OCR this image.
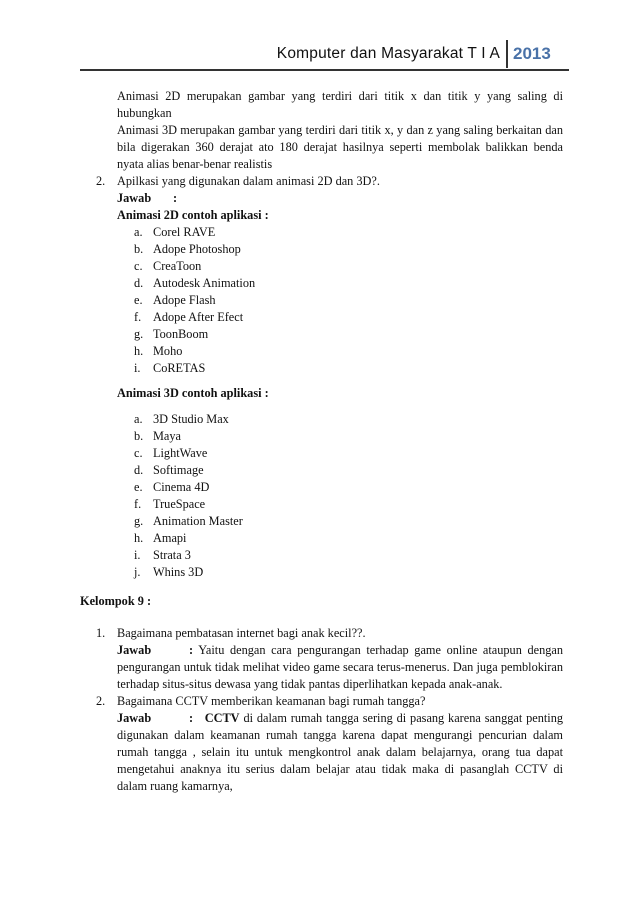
Komputer dan Masyarakat T I A 2013

Animasi 2D merupakan gambar yang terdiri dari titik x dan titik y yang saling di hubungkan

Animasi 3D merupakan gambar yang terdiri dari titik x, y dan z yang saling berkaitan dan bila digerakan 360 derajat ato 180 derajat hasilnya seperti membolak balikkan benda nyata alias benar-benar realistis

2. Apilkasi yang digunakan dalam animasi 2D dan 3D?.

Jawab :

Animasi 2D contoh aplikasi :

a. Corel RAVE
b. Adope Photoshop
c. CreaToon
d. Autodesk Animation
e. Adope Flash
f. Adope After Efect
g. ToonBoom
h. Moho
i. CoRETAS

Animasi 3D contoh aplikasi :

a. 3D Studio Max
b. Maya
c. LightWave
d. Softimage
e. Cinema 4D
f. TrueSpace
g. Animation Master
h. Amapi
i. Strata 3
j. Whins 3D

Kelompok 9 :

1. Bagaimana pembatasan internet bagi anak kecil??.

Jawab	: Yaitu dengan cara pengurangan terhadap game online ataupun dengan pengurangan untuk tidak melihat video game secara terus-menerus. Dan juga pemblokiran terhadap situs-situs dewasa yang tidak pantas diperlihatkan kepada anak-anak.

2. Bagaimana CCTV memberikan keamanan bagi rumah tangga?

Jawab	: CCTV di dalam rumah tangga sering di pasang karena sanggat penting digunakan dalam keamanan rumah tangga karena dapat mengurangi pencurian dalam rumah tangga , selain itu untuk mengkontrol anak dalam belajarnya, orang tua dapat mengetahui anaknya itu serius dalam belajar atau tidak maka di pasanglah CCTV di dalam ruang kamarnya,
